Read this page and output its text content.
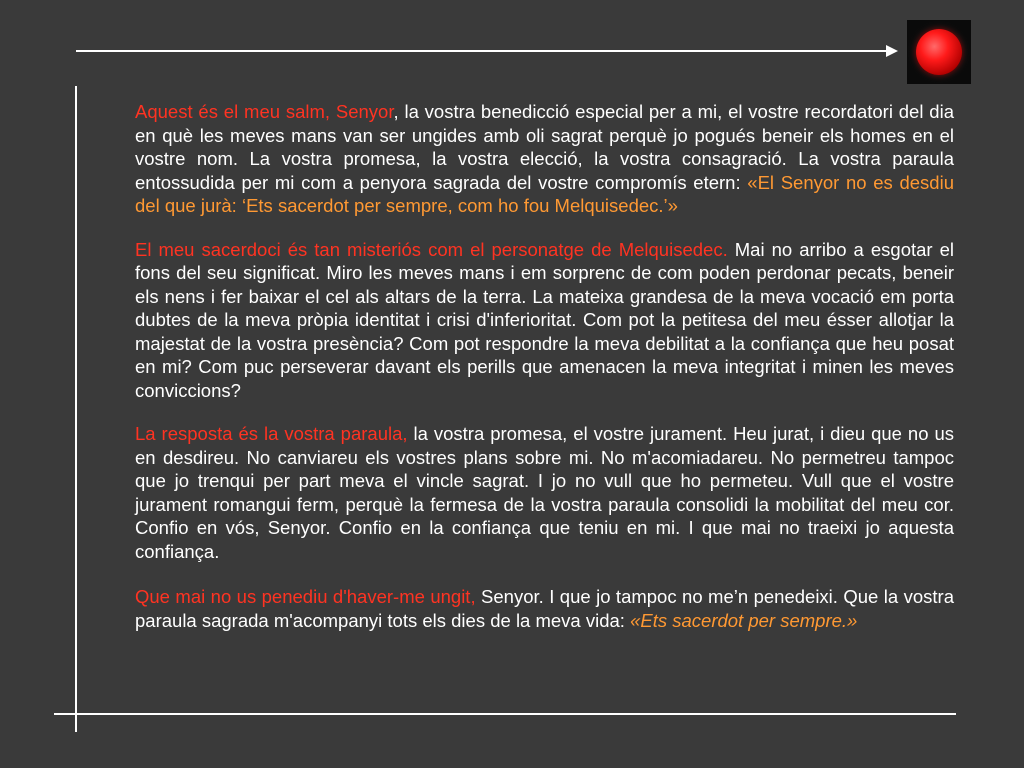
Aquest és el meu salm, Senyor, la vostra benedicció especial per a mi, el vostre recordatori del dia en què les meves mans van ser ungides amb oli sagrat perquè jo pogués beneir els homes en el vostre nom. La vostra promesa, la vostra elecció, la vostra consagració. La vostra paraula entossudida per mi com a penyora sagrada del vostre compromís etern: «El Senyor no es desdiu del que jurà: ‘Ets sacerdot per sempre, com ho fou Melquisedec.’»

El meu sacerdoci és tan misteriós com el personatge de Melquisedec. Mai no arribo a esgotar el fons del seu significat. Miro les meves mans i em sorprenc de com poden perdonar pecats, beneir els nens i fer baixar el cel als altars de la terra. La mateixa grandesa de la meva vocació em porta dubtes de la meva pròpia identitat i crisi d'inferioritat. Com pot la petitesa del meu ésser allotjar la majestat de la vostra presència? Com pot respondre la meva debilitat a la confiança que heu posat en mi? Com puc perseverar davant els perills que amenacen la meva integritat i minen les meves conviccions?

La resposta és la vostra paraula, la vostra promesa, el vostre jurament. Heu jurat, i dieu que no us en desdireu. No canviareu els vostres plans sobre mi. No m'acomiadareu. No permetreu tampoc que jo trenqui per part meva el vincle sagrat. I jo no vull que ho permeteu. Vull que el vostre jurament romangui ferm, perquè la fermesa de la vostra paraula consolidi la mobilitat del meu cor. Confio en vós, Senyor. Confio en la confiança que teniu en mi. I que mai no traeixi jo aquesta confiança.

Que mai no us penediu d'haver-me ungit, Senyor. I que jo tampoc no me’n penedeixi. Que la vostra paraula sagrada m'acompanyi tots els dies de la meva vida: «Ets sacerdot per sempre.»
